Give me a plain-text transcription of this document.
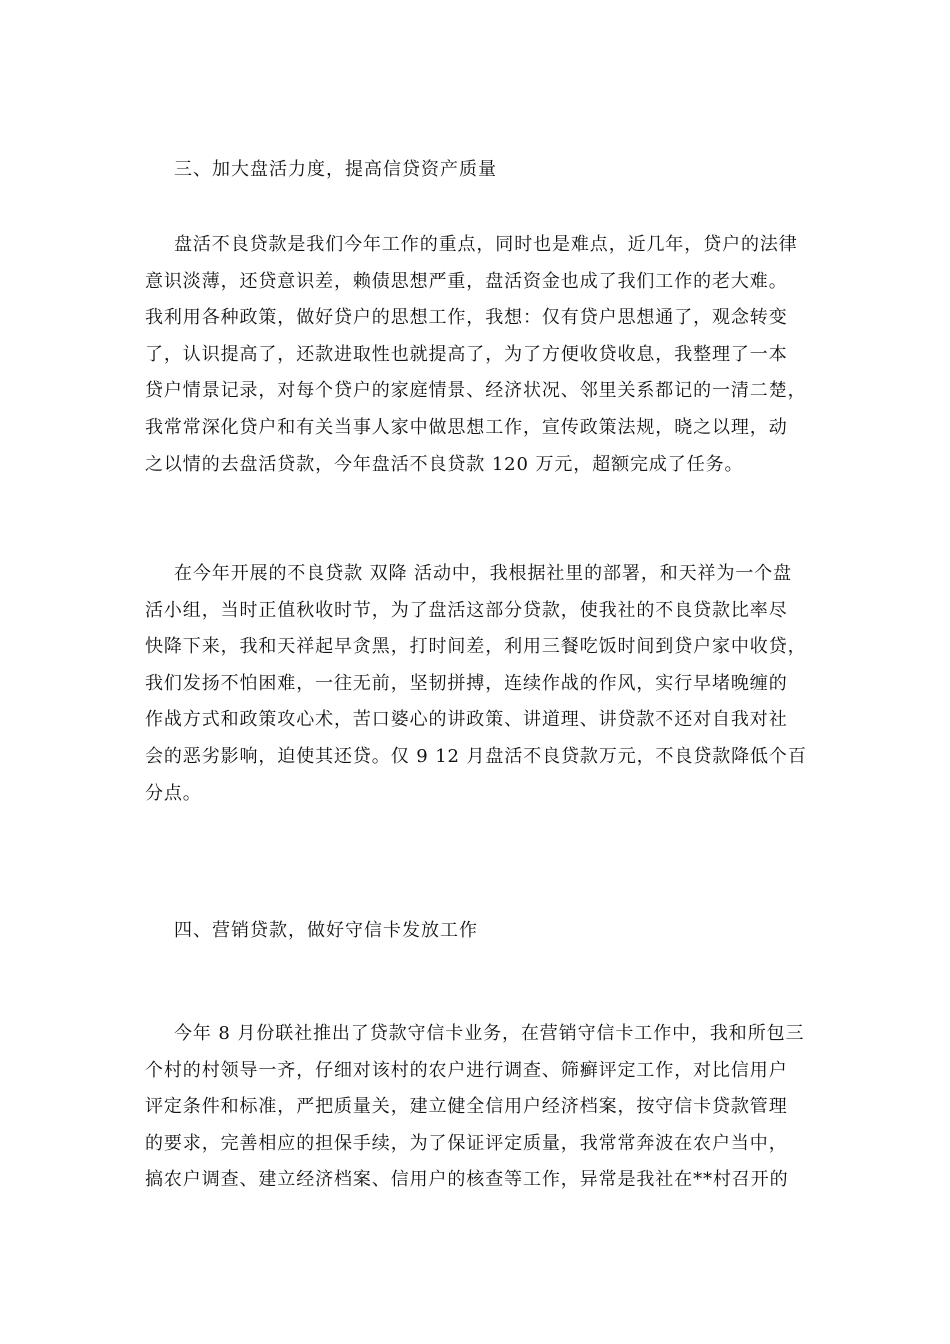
三、加大盘活力度，提高信贷资产质量
盘活不良贷款是我们今年工作的重点，同时也是难点，近几年，贷户的法律
意识淡薄，还贷意识差，赖债思想严重，盘活资金也成了我们工作的老大难。
我利用各种政策，做好贷户的思想工作，我想：仅有贷户思想通了，观念转变
了，认识提高了，还款进取性也就提高了，为了方便收贷收息，我整理了一本
贷户情景记录，对每个贷户的家庭情景、经济状况、邻里关系都记的一清二楚，
我常常深化贷户和有关当事人家中做思想工作，宣传政策法规，晓之以理，动
之以情的去盘活贷款，今年盘活不良贷款 120 万元，超额完成了任务。
在今年开展的不良贷款 双降 活动中，我根据社里的部署，和天祥为一个盘
活小组，当时正值秋收时节，为了盘活这部分贷款，使我社的不良贷款比率尽
快降下来，我和天祥起早贪黑，打时间差，利用三餐吃饭时间到贷户家中收贷，
我们发扬不怕困难，一往无前，坚韧拼搏，连续作战的作风，实行早堵晚缠的
作战方式和政策攻心术，苦口婆心的讲政策、讲道理、讲贷款不还对自我对社
会的恶劣影响，迫使其还贷。仅 9 12 月盘活不良贷款万元，不良贷款降低个百
分点。
四、营销贷款，做好守信卡发放工作
今年 8 月份联社推出了贷款守信卡业务，在营销守信卡工作中，我和所包三
个村的村领导一齐，仔细对该村的农户进行调查、筛癣评定工作，对比信用户
评定条件和标准，严把质量关，建立健全信用户经济档案，按守信卡贷款管理
的要求，完善相应的担保手续，为了保证评定质量，我常常奔波在农户当中，
搞农户调查、建立经济档案、信用户的核查等工作，异常是我社在**村召开的
